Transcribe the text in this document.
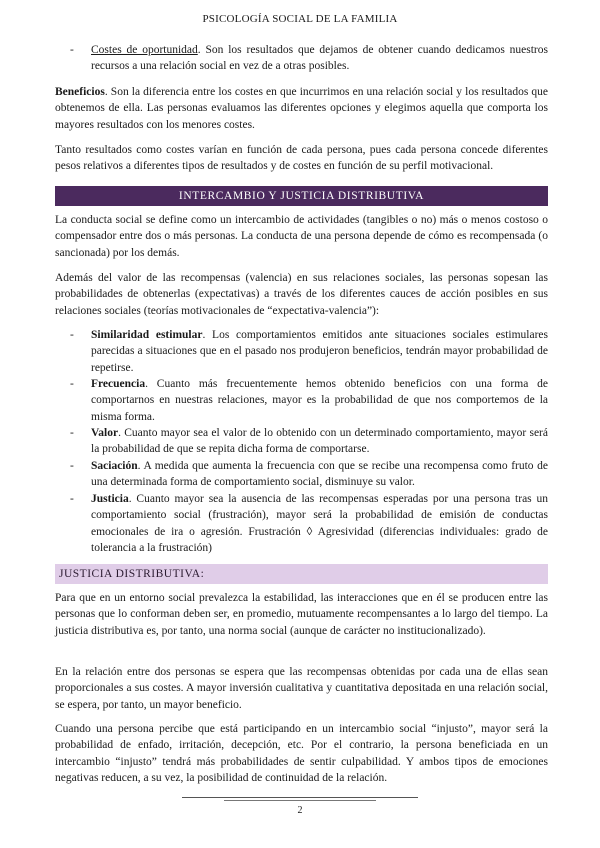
PSICOLOGÍA SOCIAL DE LA FAMILIA
- Costes de oportunidad. Son los resultados que dejamos de obtener cuando dedicamos nuestros recursos a una relación social en vez de a otras posibles.
Beneficios. Son la diferencia entre los costes en que incurrimos en una relación social y los resultados que obtenemos de ella. Las personas evaluamos las diferentes opciones y elegimos aquella que comporta los mayores resultados con los menores costes.
Tanto resultados como costes varían en función de cada persona, pues cada persona concede diferentes pesos relativos a diferentes tipos de resultados y de costes en función de su perfil motivacional.
INTERCAMBIO Y JUSTICIA DISTRIBUTIVA
La conducta social se define como un intercambio de actividades (tangibles o no) más o menos costoso o compensador entre dos o más personas. La conducta de una persona depende de cómo es recompensada (o sancionada) por los demás.
Además del valor de las recompensas (valencia) en sus relaciones sociales, las personas sopesan las probabilidades de obtenerlas (expectativas) a través de los diferentes cauces de acción posibles en sus relaciones sociales (teorías motivacionales de “expectativa-valencia”):
- Similaridad estimular. Los comportamientos emitidos ante situaciones sociales estimulares parecidas a situaciones que en el pasado nos produjeron beneficios, tendrán mayor probabilidad de repetirse.
- Frecuencia. Cuanto más frecuentemente hemos obtenido beneficios con una forma de comportarnos en nuestras relaciones, mayor es la probabilidad de que nos comportemos de la misma forma.
- Valor. Cuanto mayor sea el valor de lo obtenido con un determinado comportamiento, mayor será la probabilidad de que se repita dicha forma de comportarse.
- Saciación. A medida que aumenta la frecuencia con que se recibe una recompensa como fruto de una determinada forma de comportamiento social, disminuye su valor.
- Justicia. Cuanto mayor sea la ausencia de las recompensas esperadas por una persona tras un comportamiento social (frustración), mayor será la probabilidad de emisión de conductas emocionales de ira o agresión. Frustración ◊ Agresividad (diferencias individuales: grado de tolerancia a la frustración)
JUSTICIA DISTRIBUTIVA:
Para que en un entorno social prevalezca la estabilidad, las interacciones que en él se producen entre las personas que lo conforman deben ser, en promedio, mutuamente recompensantes a lo largo del tiempo. La justicia distributiva es, por tanto, una norma social (aunque de carácter no institucionalizado).
En la relación entre dos personas se espera que las recompensas obtenidas por cada una de ellas sean proporcionales a sus costes. A mayor inversión cualitativa y cuantitativa depositada en una relación social, se espera, por tanto, un mayor beneficio.
Cuando una persona percibe que está participando en un intercambio social “injusto”, mayor será la probabilidad de enfado, irritación, decepción, etc. Por el contrario, la persona beneficiada en un intercambio “injusto” tendrá más probabilidades de sentir culpabilidad. Y ambos tipos de emociones negativas reducen, a su vez, la posibilidad de continuidad de la relación.
2
